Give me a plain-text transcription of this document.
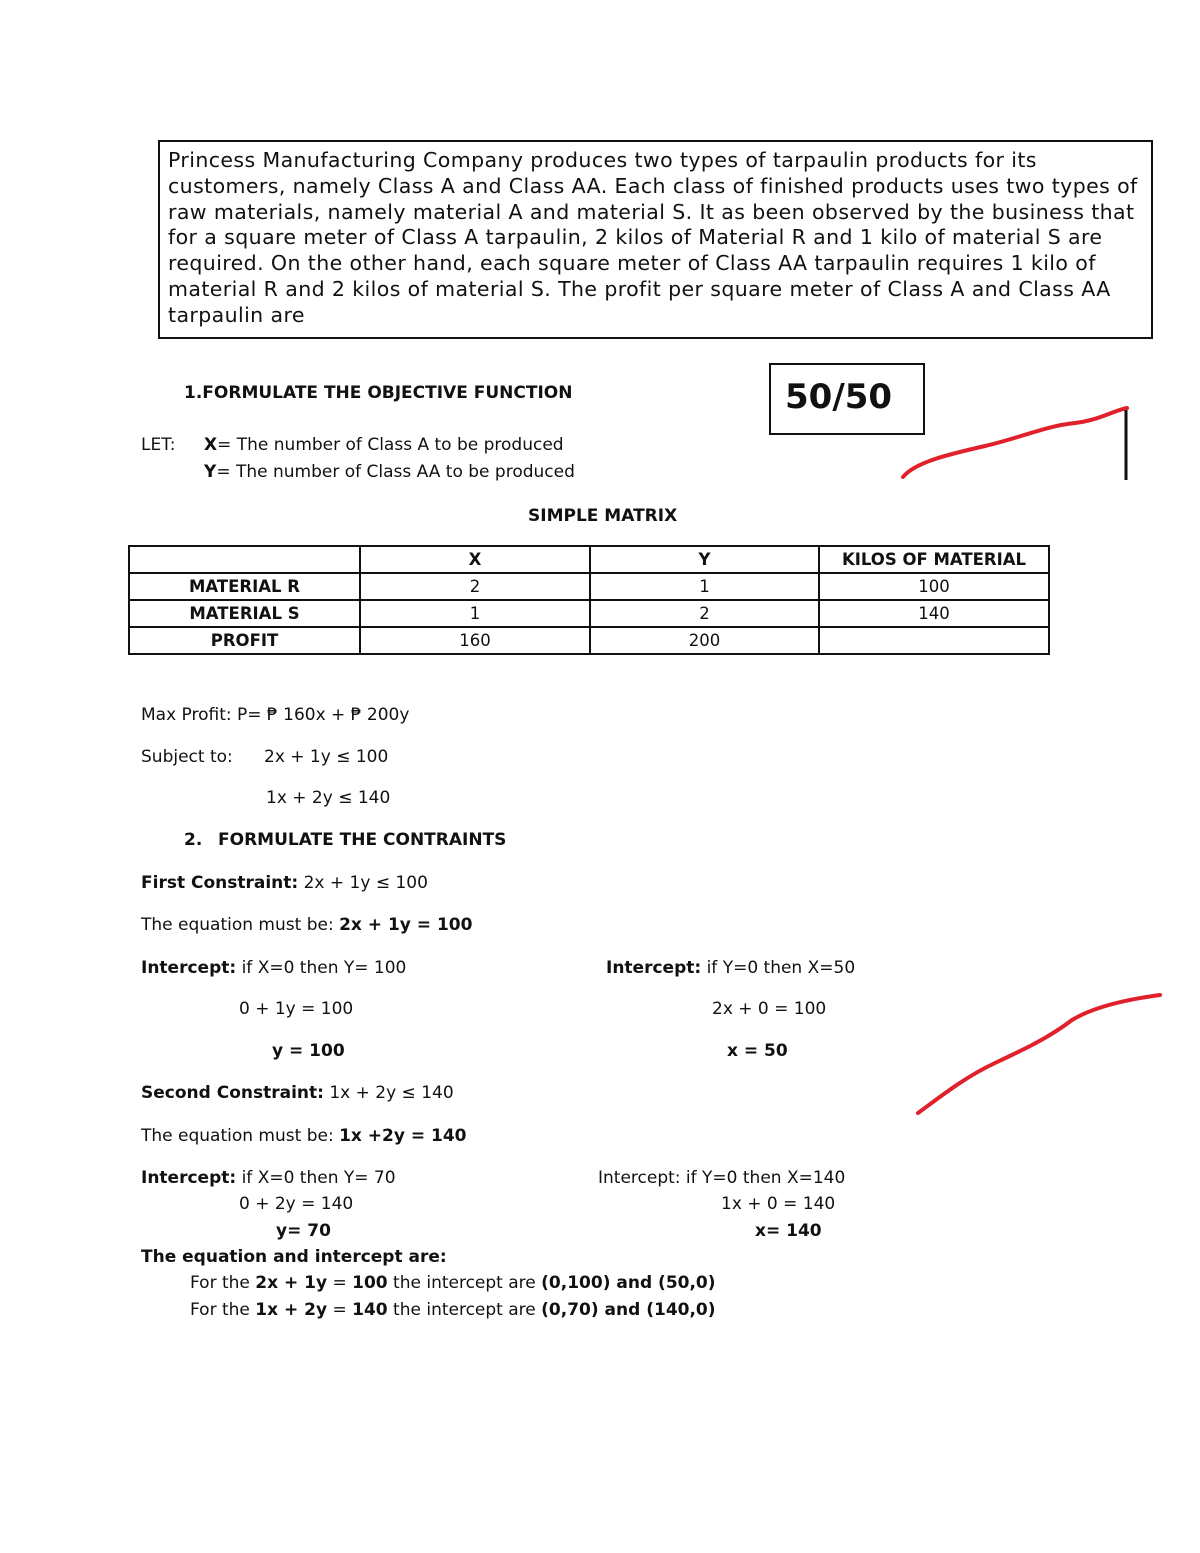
Princess Manufacturing Company produces two types of tarpaulin products for its customers, namely Class A and Class AA. Each class of finished products uses two types of raw materials, namely material A and material S. It as been observed by the business that for a square meter of Class A tarpaulin, 2 kilos of Material R and 1 kilo of material S are required. On the other hand, each square meter of Class AA tarpaulin requires 1 kilo of material R and 2 kilos of material S. The profit per square meter of Class A and Class AA tarpaulin are

50/50
1.FORMULATE THE OBJECTIVE FUNCTION
LET: X= The number of Class A to be produced
Y= The number of Class AA to be produced
SIMPLE MATRIX
	X	Y	KILOS OF MATERIAL
MATERIAL R	2	1	100
MATERIAL S	1	2	140
PROFIT	160	200	
Max Profit: P= ₱ 160x + ₱ 200y
Subject to: 2x + 1y ≤ 100
1x + 2y ≤ 140
2. FORMULATE THE CONTRAINTS
First Constraint: 2x + 1y ≤ 100
The equation must be: 2x + 1y = 100
Intercept: if X=0 then Y= 100
0 + 1y = 100
y = 100
Intercept: if Y=0 then X=50
2x + 0 = 100
x = 50
Second Constraint: 1x + 2y ≤ 140
The equation must be: 1x +2y = 140
Intercept: if X=0 then Y= 70
0 + 2y = 140
y= 70
Intercept: if Y=0 then X=140
1x + 0 = 140
x= 140
The equation and intercept are:
For the 2x + 1y = 100 the intercept are (0,100) and (50,0)
For the 1x + 2y = 140 the intercept are (0,70) and (140,0)
